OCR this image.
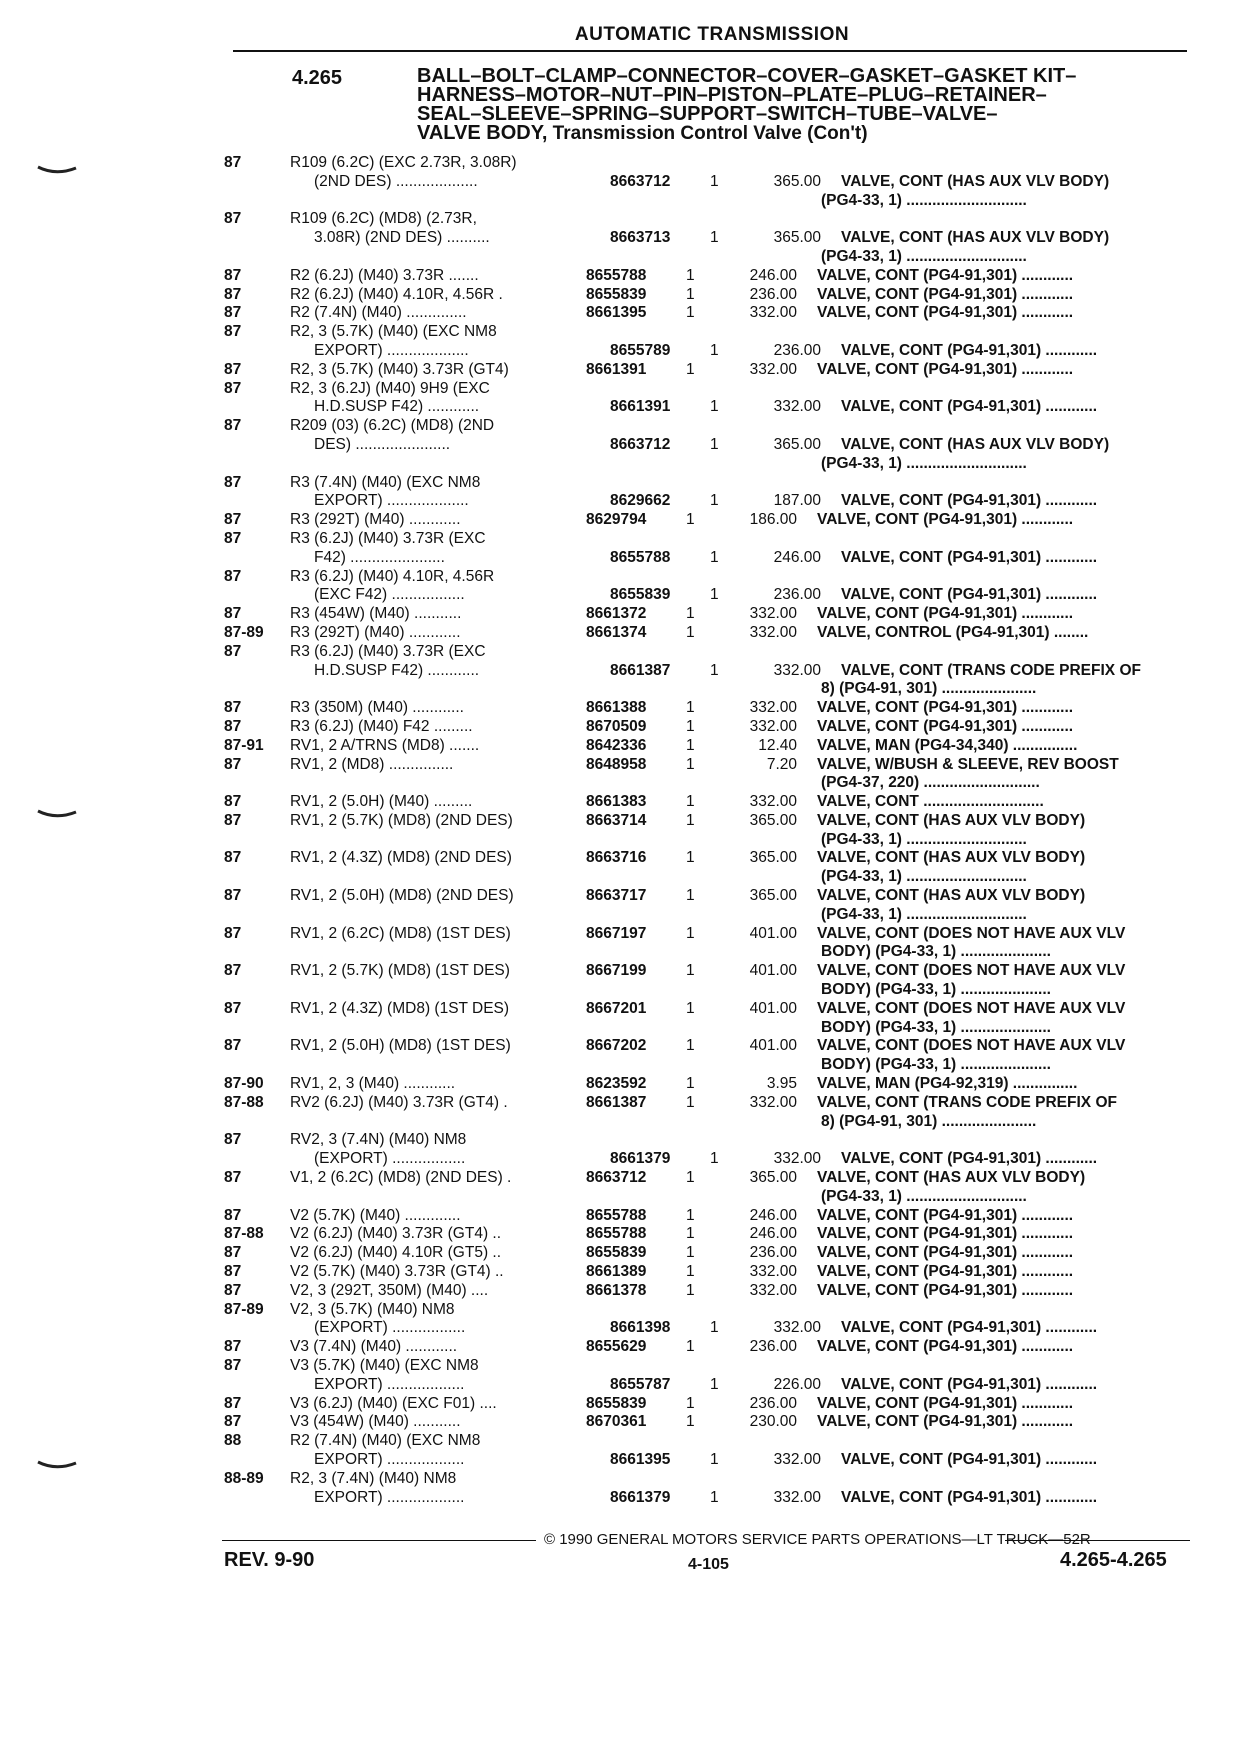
AUTOMATIC TRANSMISSION
4.265	BALL–BOLT–CLAMP–CONNECTOR–COVER–GASKET–GASKET KIT–
HARNESS–MOTOR–NUT–PIN–PISTON–PLATE–PLUG–RETAINER–
SEAL–SLEEVE–SPRING–SUPPORT–SWITCH–TUBE–VALVE–
VALVE BODY, Transmission Control Valve (Con't)
87	R109 (6.2C) (EXC 2.73R, 3.08R)
(2ND DES) ...................	8663712	1	365.00	VALVE, CONT (HAS AUX VLV BODY)
(PG4-33, 1) ............................
87	R109 (6.2C) (MD8) (2.73R,
3.08R) (2ND DES) ..........	8663713	1	365.00	VALVE, CONT (HAS AUX VLV BODY)
(PG4-33, 1) ............................
87	R2 (6.2J) (M40) 3.73R .......	8655788	1	246.00	VALVE, CONT (PG4-91,301) ............
87	R2 (6.2J) (M40) 4.10R, 4.56R .	8655839	1	236.00	VALVE, CONT (PG4-91,301) ............
87	R2 (7.4N) (M40) ..............	8661395	1	332.00	VALVE, CONT (PG4-91,301) ............
87	R2, 3 (5.7K) (M40) (EXC NM8
EXPORT) ...................	8655789	1	236.00	VALVE, CONT (PG4-91,301) ............
87	R2, 3 (5.7K) (M40) 3.73R (GT4)	8661391	1	332.00	VALVE, CONT (PG4-91,301) ............
87	R2, 3 (6.2J) (M40) 9H9 (EXC
H.D.SUSP F42) ............	8661391	1	332.00	VALVE, CONT (PG4-91,301) ............
87	R209 (03) (6.2C) (MD8) (2ND
DES) ......................	8663712	1	365.00	VALVE, CONT (HAS AUX VLV BODY)
(PG4-33, 1) ............................
87	R3 (7.4N) (M40) (EXC NM8
EXPORT) ...................	8629662	1	187.00	VALVE, CONT (PG4-91,301) ............
87	R3 (292T) (M40) ............	8629794	1	186.00	VALVE, CONT (PG4-91,301) ............
87	R3 (6.2J) (M40) 3.73R (EXC
F42) ......................	8655788	1	246.00	VALVE, CONT (PG4-91,301) ............
87	R3 (6.2J) (M40) 4.10R, 4.56R
(EXC F42) .................	8655839	1	236.00	VALVE, CONT (PG4-91,301) ............
87	R3 (454W) (M40) ...........	8661372	1	332.00	VALVE, CONT (PG4-91,301) ............
87-89	R3 (292T) (M40) ............	8661374	1	332.00	VALVE, CONTROL (PG4-91,301) ........
87	R3 (6.2J) (M40) 3.73R (EXC
H.D.SUSP F42) ............	8661387	1	332.00	VALVE, CONT (TRANS CODE PREFIX OF
8) (PG4-91, 301) ......................
87	R3 (350M) (M40) ............	8661388	1	332.00	VALVE, CONT (PG4-91,301) ............
87	R3 (6.2J) (M40) F42 .........	8670509	1	332.00	VALVE, CONT (PG4-91,301) ............
87-91	RV1, 2 A/TRNS (MD8) .......	8642336	1	12.40	VALVE, MAN (PG4-34,340) ...............
87	RV1, 2 (MD8) ...............	8648958	1	7.20	VALVE, W/BUSH & SLEEVE, REV BOOST
(PG4-37, 220) ...........................
87	RV1, 2 (5.0H) (M40) .........	8661383	1	332.00	VALVE, CONT ............................
87	RV1, 2 (5.7K) (MD8) (2ND DES)	8663714	1	365.00	VALVE, CONT (HAS AUX VLV BODY)
(PG4-33, 1) ............................
87	RV1, 2 (4.3Z) (MD8) (2ND DES)	8663716	1	365.00	VALVE, CONT (HAS AUX VLV BODY)
(PG4-33, 1) ............................
87	RV1, 2 (5.0H) (MD8) (2ND DES)	8663717	1	365.00	VALVE, CONT (HAS AUX VLV BODY)
(PG4-33, 1) ............................
87	RV1, 2 (6.2C) (MD8) (1ST DES)	8667197	1	401.00	VALVE, CONT (DOES NOT HAVE AUX VLV
BODY) (PG4-33, 1) .....................
87	RV1, 2 (5.7K) (MD8) (1ST DES)	8667199	1	401.00	VALVE, CONT (DOES NOT HAVE AUX VLV
BODY) (PG4-33, 1) .....................
87	RV1, 2 (4.3Z) (MD8) (1ST DES)	8667201	1	401.00	VALVE, CONT (DOES NOT HAVE AUX VLV
BODY) (PG4-33, 1) .....................
87	RV1, 2 (5.0H) (MD8) (1ST DES)	8667202	1	401.00	VALVE, CONT (DOES NOT HAVE AUX VLV
BODY) (PG4-33, 1) .....................
87-90	RV1, 2, 3 (M40) ............	8623592	1	3.95	VALVE, MAN (PG4-92,319) ...............
87-88	RV2 (6.2J) (M40) 3.73R (GT4) .	8661387	1	332.00	VALVE, CONT (TRANS CODE PREFIX OF
8) (PG4-91, 301) ......................
87	RV2, 3 (7.4N) (M40) NM8
(EXPORT) .................	8661379	1	332.00	VALVE, CONT (PG4-91,301) ............
87	V1, 2 (6.2C) (MD8) (2ND DES) .	8663712	1	365.00	VALVE, CONT (HAS AUX VLV BODY)
(PG4-33, 1) ............................
87	V2 (5.7K) (M40) .............	8655788	1	246.00	VALVE, CONT (PG4-91,301) ............
87-88	V2 (6.2J) (M40) 3.73R (GT4) ..	8655788	1	246.00	VALVE, CONT (PG4-91,301) ............
87	V2 (6.2J) (M40) 4.10R (GT5) ..	8655839	1	236.00	VALVE, CONT (PG4-91,301) ............
87	V2 (5.7K) (M40) 3.73R (GT4) ..	8661389	1	332.00	VALVE, CONT (PG4-91,301) ............
87	V2, 3 (292T, 350M) (M40) ....	8661378	1	332.00	VALVE, CONT (PG4-91,301) ............
87-89	V2, 3 (5.7K) (M40) NM8
(EXPORT) .................	8661398	1	332.00	VALVE, CONT (PG4-91,301) ............
87	V3 (7.4N) (M40) ............	8655629	1	236.00	VALVE, CONT (PG4-91,301) ............
87	V3 (5.7K) (M40) (EXC NM8
EXPORT) ..................	8655787	1	226.00	VALVE, CONT (PG4-91,301) ............
87	V3 (6.2J) (M40) (EXC F01) ....	8655839	1	236.00	VALVE, CONT (PG4-91,301) ............
87	V3 (454W) (M40) ...........	8670361	1	230.00	VALVE, CONT (PG4-91,301) ............
88	R2 (7.4N) (M40) (EXC NM8
EXPORT) ..................	8661395	1	332.00	VALVE, CONT (PG4-91,301) ............
88-89	R2, 3 (7.4N) (M40) NM8
EXPORT) ..................	8661379	1	332.00	VALVE, CONT (PG4-91,301) ............
© 1990 GENERAL MOTORS SERVICE PARTS OPERATIONS—LT TRUCK—52R
REV. 9-90	4-105	4.265-4.265
